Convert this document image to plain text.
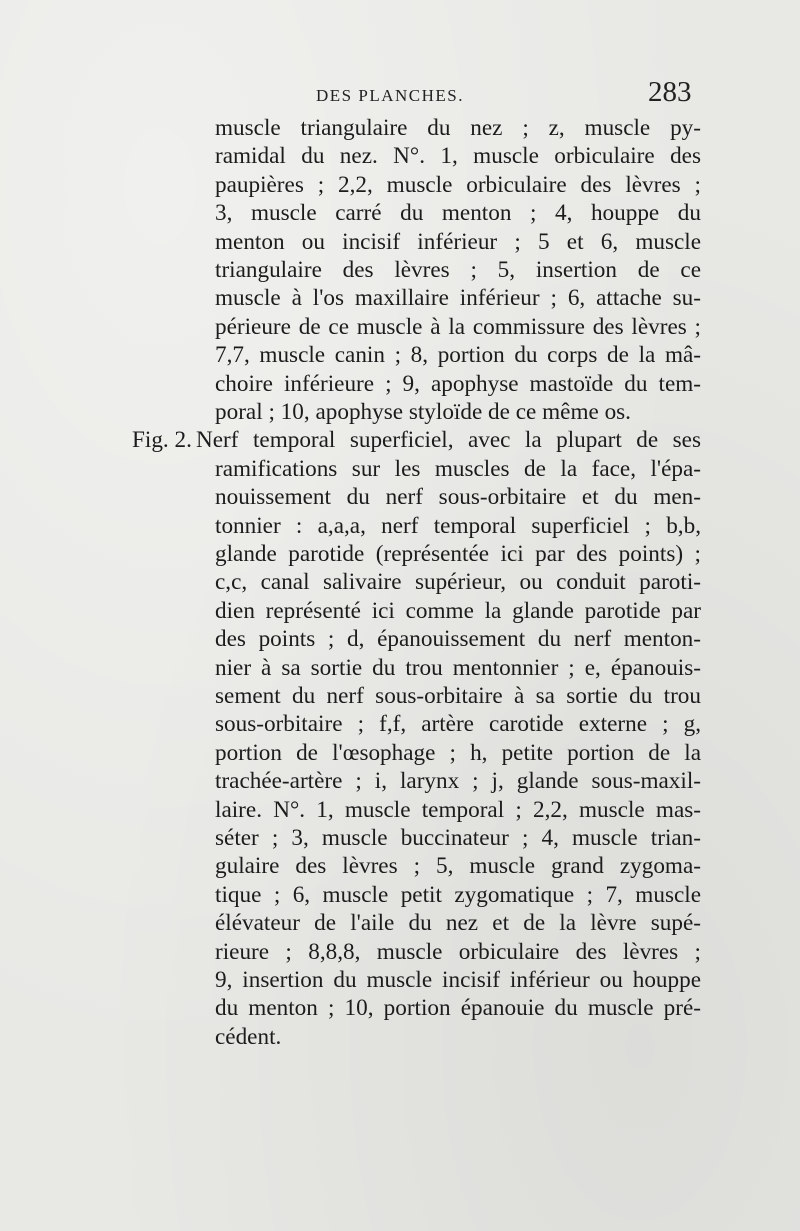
DES PLANCHES.	283
muscle triangulaire du nez ; z, muscle py-
ramidal du nez. N°. 1, muscle orbiculaire des
paupières ; 2,2, muscle orbiculaire des lèvres ;
3, muscle carré du menton ; 4, houppe du
menton ou incisif inférieur ; 5 et 6, muscle
triangulaire des lèvres ; 5, insertion de ce
muscle à l'os maxillaire inférieur ; 6, attache su-
périeure de ce muscle à la commissure des lèvres ;
7,7, muscle canin ; 8, portion du corps de la mâ-
choire inférieure ; 9, apophyse mastoïde du tem-
poral ; 10, apophyse styloïde de ce même os.
Fig. 2. Nerf temporal superficiel, avec la plupart de ses
ramifications sur les muscles de la face, l'épa-
nouissement du nerf sous-orbitaire et du men-
tonnier : a,a,a, nerf temporal superficiel ; b,b,
glande parotide (représentée ici par des points) ;
c,c, canal salivaire supérieur, ou conduit paroti-
dien représenté ici comme la glande parotide par
des points ; d, épanouissement du nerf menton-
nier à sa sortie du trou mentonnier ; e, épanouis-
sement du nerf sous-orbitaire à sa sortie du trou
sous-orbitaire ; f,f, artère carotide externe ; g,
portion de l'œsophage ; h, petite portion de la
trachée-artère ; i, larynx ; j, glande sous-maxil-
laire. N°. 1, muscle temporal ; 2,2, muscle mas-
séter ; 3, muscle buccinateur ; 4, muscle trian-
gulaire des lèvres ; 5, muscle grand zygoma-
tique ; 6, muscle petit zygomatique ; 7, muscle
élévateur de l'aile du nez et de la lèvre supé-
rieure ; 8,8,8, muscle orbiculaire des lèvres ;
9, insertion du muscle incisif inférieur ou houppe
du menton ; 10, portion épanouie du muscle pré-
cédent.
